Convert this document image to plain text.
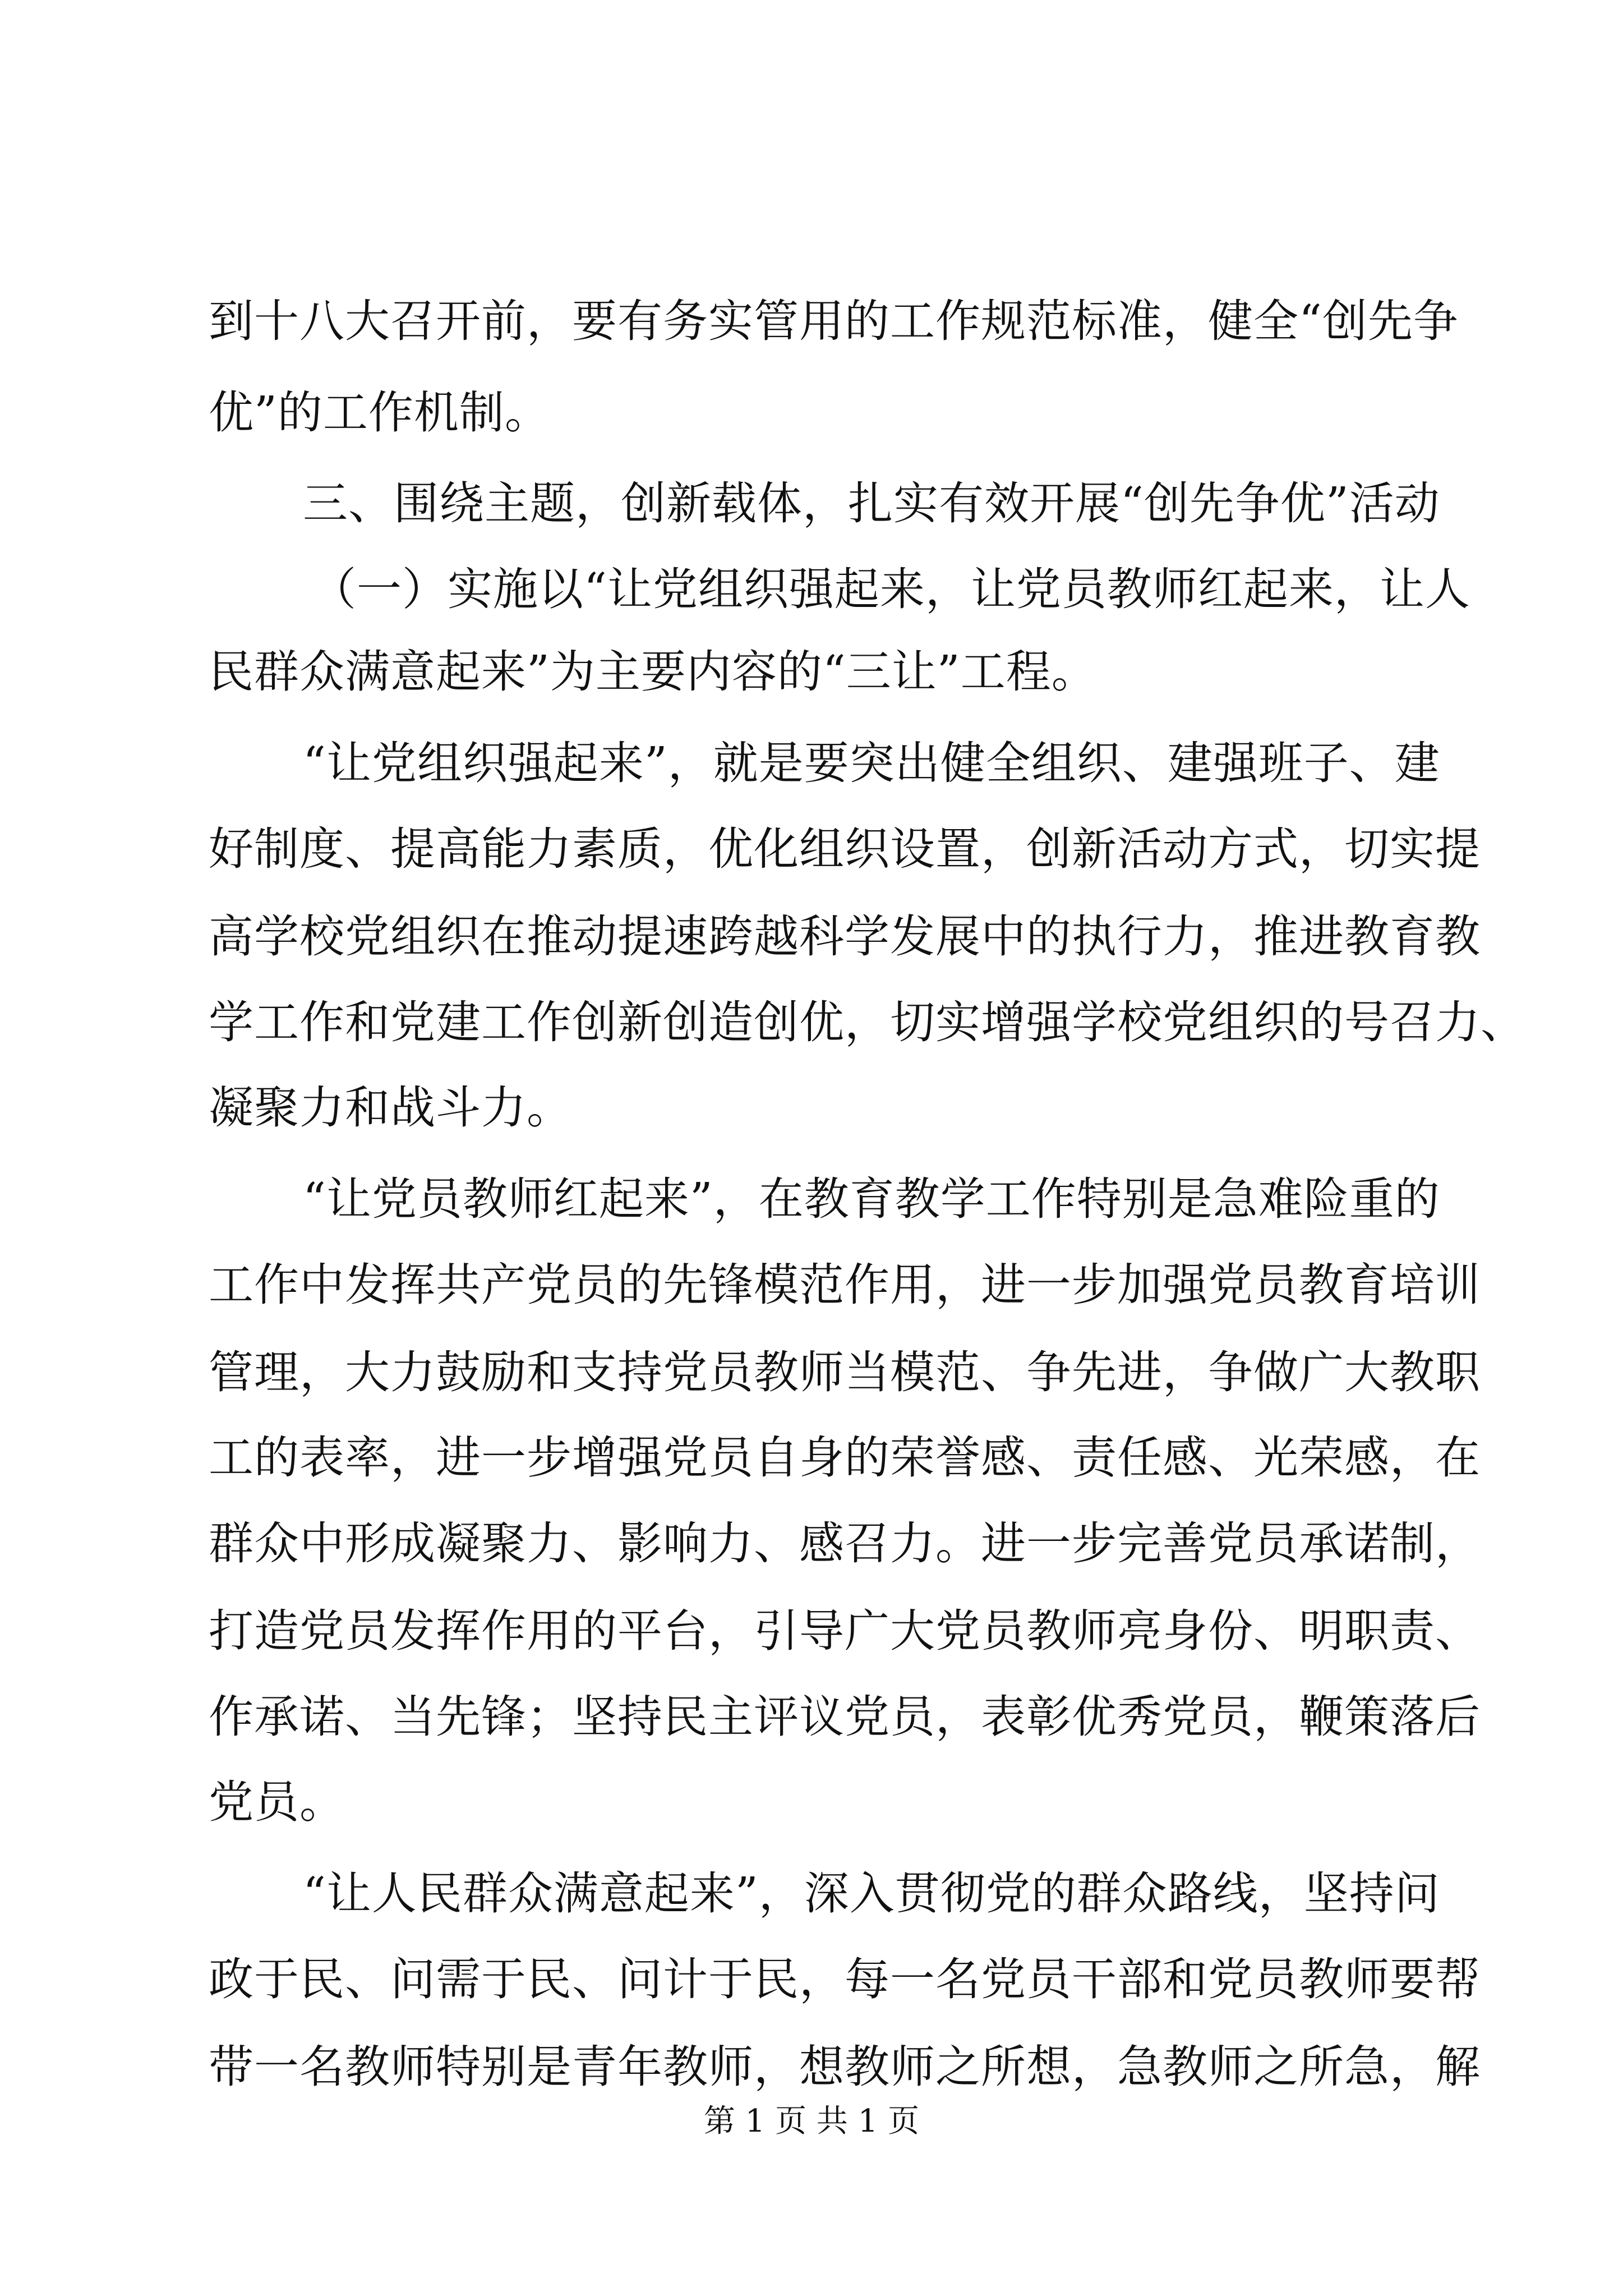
到十八大召开前，要有务实管用的工作规范标准，健全“创先争
优”的工作机制。
三、围绕主题，创新载体，扎实有效开展“创先争优”活动
（一）实施以“让党组织强起来，让党员教师红起来，让人
民群众满意起来”为主要内容的“三让”工程。
“让党组织强起来”，就是要突出健全组织、建强班子、建
好制度、提高能力素质，优化组织设置，创新活动方式，切实提
高学校党组织在推动提速跨越科学发展中的执行力，推进教育教
学工作和党建工作创新创造创优，切实增强学校党组织的号召力、
凝聚力和战斗力。
“让党员教师红起来”，在教育教学工作特别是急难险重的
工作中发挥共产党员的先锋模范作用，进一步加强党员教育培训
管理，大力鼓励和支持党员教师当模范、争先进，争做广大教职
工的表率，进一步增强党员自身的荣誉感、责任感、光荣感，在
群众中形成凝聚力、影响力、感召力。进一步完善党员承诺制，
打造党员发挥作用的平台，引导广大党员教师亮身份、明职责、
作承诺、当先锋；坚持民主评议党员，表彰优秀党员，鞭策落后
党员。
“让人民群众满意起来”，深入贯彻党的群众路线，坚持问
政于民、问需于民、问计于民，每一名党员干部和党员教师要帮
带一名教师特别是青年教师，想教师之所想，急教师之所急，解
第 1 页 共 1 页
